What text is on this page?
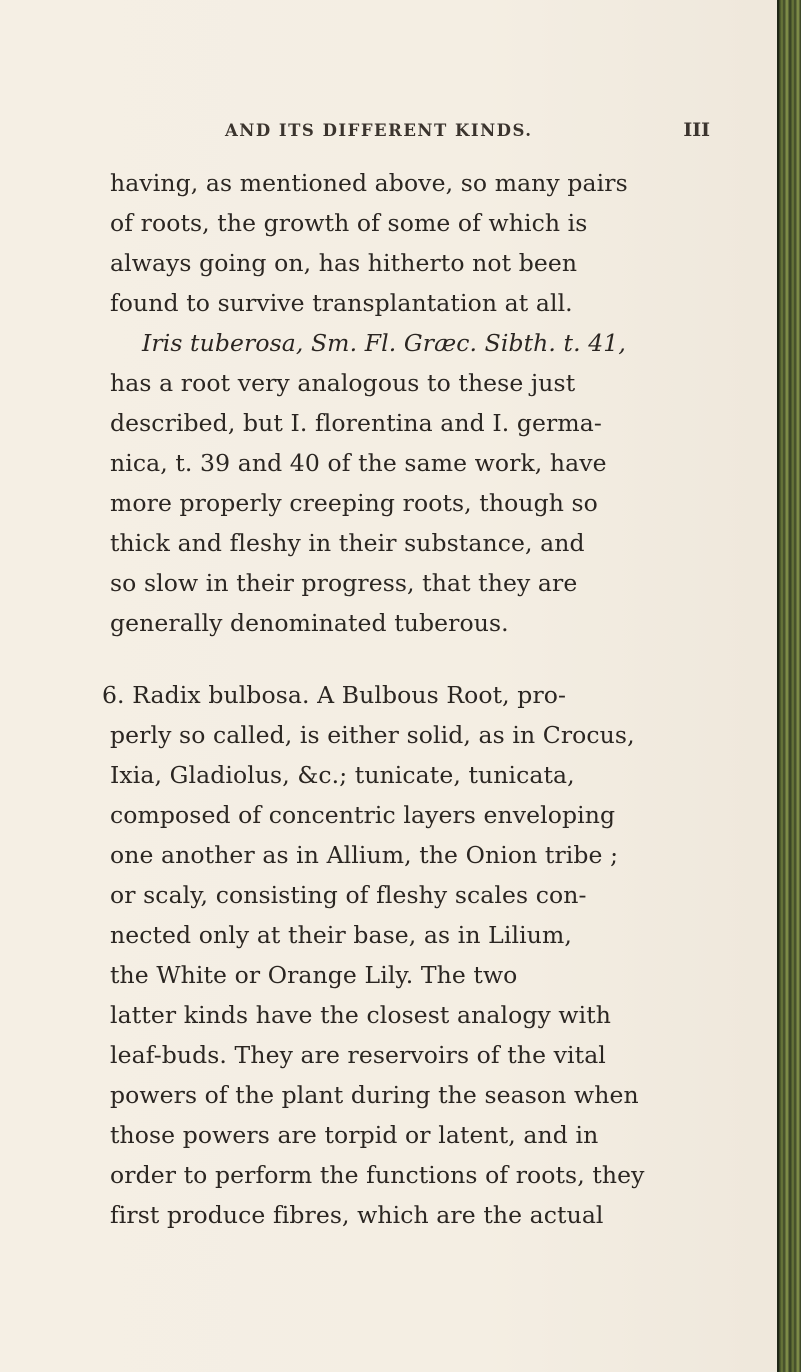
AND ITS DIFFERENT KINDS.	III
having, as mentioned above, so many pairs
of roots, the growth of some of which is
always going on, has hitherto not been
found to survive transplantation at all.
Iris tuberosa, Sm. Fl. Græc. Sibth. t. 41,
has a root very analogous to these just
described, but I. florentina and I. germa-
nica, t. 39 and 40 of the same work, have
more properly creeping roots, though so
thick and fleshy in their substance, and
so slow in their progress, that they are
generally denominated tuberous.
6. Radix bulbosa. A Bulbous Root, pro-
perly so called, is either solid, as in Crocus,
Ixia, Gladiolus, &c.; tunicate, tunicata,
composed of concentric layers enveloping
one another as in Allium, the Onion tribe ;
or scaly, consisting of fleshy scales con-
nected only at their base, as in Lilium,
the White or Orange Lily. The two
latter kinds have the closest analogy with
leaf-buds. They are reservoirs of the vital
powers of the plant during the season when
those powers are torpid or latent, and in
order to perform the functions of roots, they
first produce fibres, which are the actual
